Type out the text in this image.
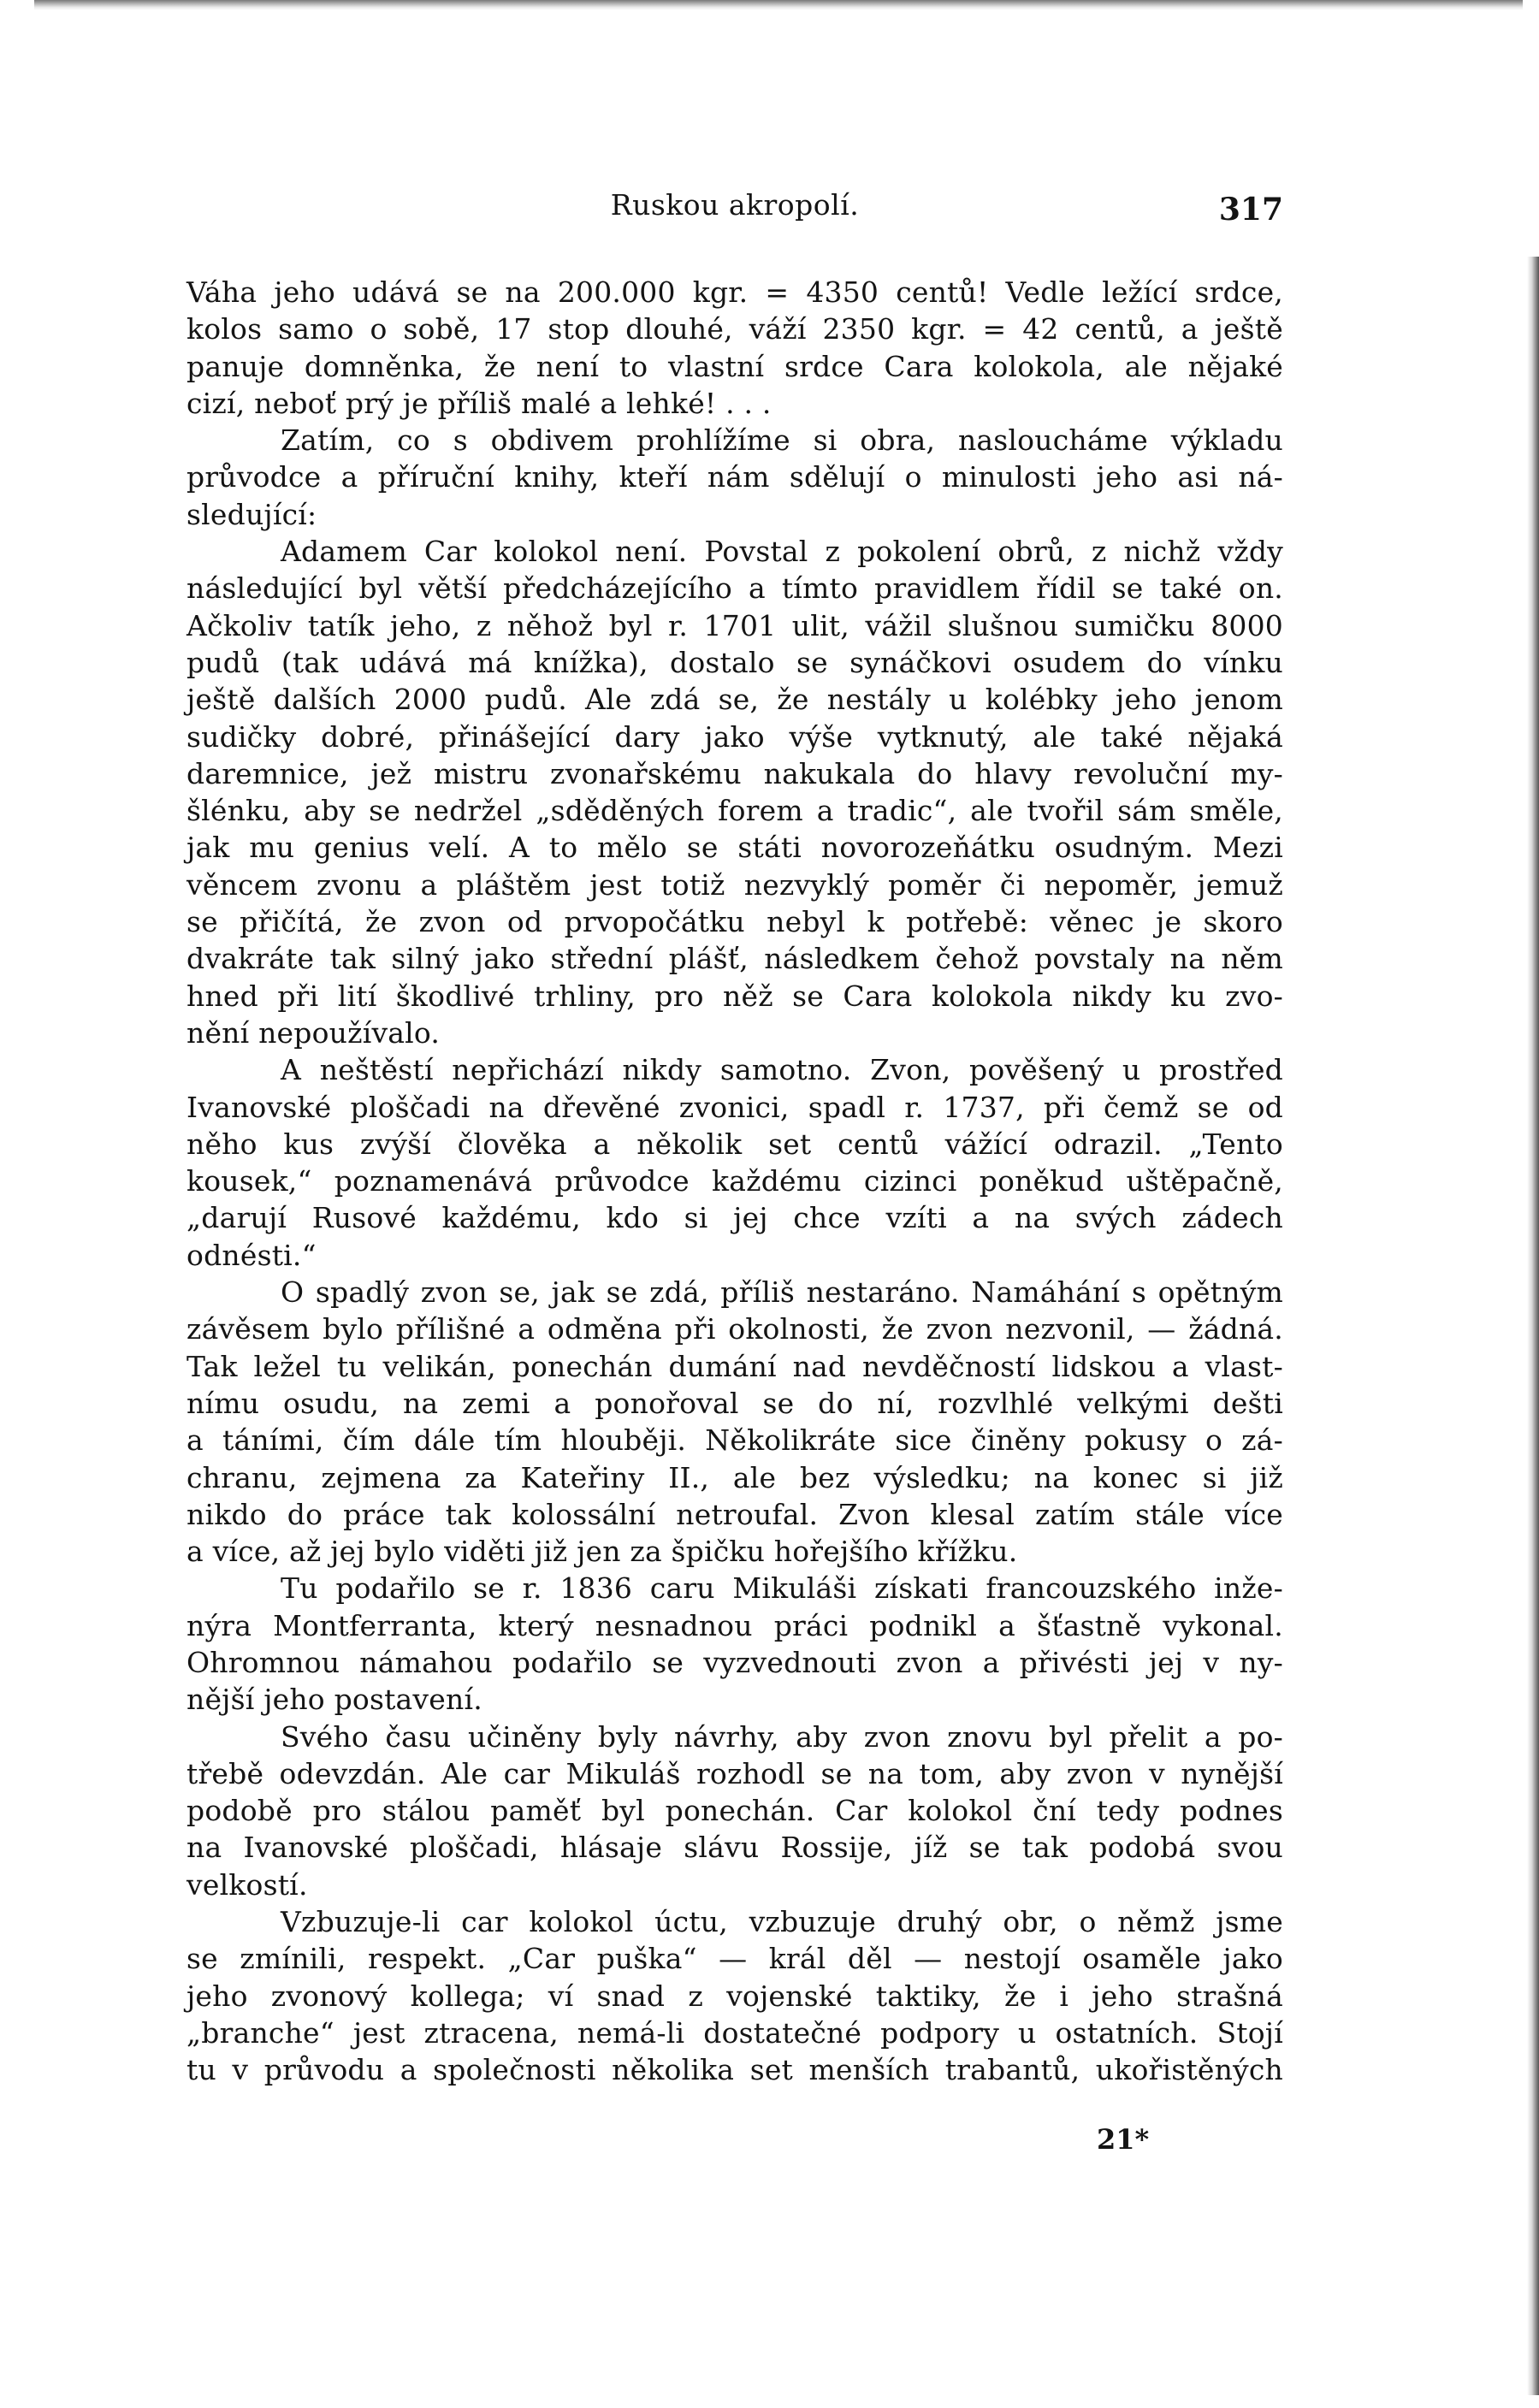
Ruskou akropolí.	317
Váha jeho udává se na 200.000 kgr. = 4350 centů! Vedle ležící srdce,
kolos samo o sobě, 17 stop dlouhé, váží 2350 kgr. = 42 centů, a ještě
panuje domněnka, že není to vlastní srdce Cara kolokola, ale nějaké
cizí, neboť prý je příliš malé a lehké! . . .
Zatím, co s obdivem prohlížíme si obra, nasloucháme výkladu
průvodce a příruční knihy, kteří nám sdělují o minulosti jeho asi ná-
sledující:
Adamem Car kolokol není. Povstal z pokolení obrů, z nichž vždy
následující byl větší předcházejícího a tímto pravidlem řídil se také on.
Ačkoliv tatík jeho, z něhož byl r. 1701 ulit, vážil slušnou sumičku 8000
pudů (tak udává má knížka), dostalo se synáčkovi osudem do vínku
ještě dalších 2000 pudů. Ale zdá se, že nestály u kolébky jeho jenom
sudičky dobré, přinášející dary jako výše vytknutý, ale také nějaká
daremnice, jež mistru zvonařskému nakukala do hlavy revoluční my-
šlénku, aby se nedržel „sděděných forem a tradic“, ale tvořil sám směle,
jak mu genius velí. A to mělo se státi novorozeňátku osudným. Mezi
věncem zvonu a pláštěm jest totiž nezvyklý poměr či nepoměr, jemuž
se přičítá, že zvon od prvopočátku nebyl k potřebě: věnec je skoro
dvakráte tak silný jako střední plášť, následkem čehož povstaly na něm
hned při lití škodlivé trhliny, pro něž se Cara kolokola nikdy ku zvo-
nění nepoužívalo.
A neštěstí nepřichází nikdy samotno. Zvon, pověšený u prostřed
Ivanovské ploščadi na dřevěné zvonici, spadl r. 1737, při čemž se od
něho kus zvýší člověka a několik set centů vážící odrazil. „Tento
kousek,“ poznamenává průvodce každému cizinci poněkud uštěpačně,
„darují Rusové každému, kdo si jej chce vzíti a na svých zádech
odnésti.“
O spadlý zvon se, jak se zdá, příliš nestaráno. Namáhání s opětným
závěsem bylo přílišné a odměna při okolnosti, že zvon nezvonil, — žádná.
Tak ležel tu velikán, ponechán dumání nad nevděčností lidskou a vlast-
nímu osudu, na zemi a ponořoval se do ní, rozvlhlé velkými dešti
a táními, čím dále tím hlouběji. Několikráte sice činěny pokusy o zá-
chranu, zejmena za Kateřiny II., ale bez výsledku; na konec si již
nikdo do práce tak kolossální netroufal. Zvon klesal zatím stále více
a více, až jej bylo viděti již jen za špičku hořejšího křížku.
Tu podařilo se r. 1836 caru Mikuláši získati francouzského inže-
nýra Montferranta, který nesnadnou práci podnikl a šťastně vykonal.
Ohromnou námahou podařilo se vyzvednouti zvon a přivésti jej v ny-
nější jeho postavení.
Svého času učiněny byly návrhy, aby zvon znovu byl přelit a po-
třebě odevzdán. Ale car Mikuláš rozhodl se na tom, aby zvon v nynější
podobě pro stálou paměť byl ponechán. Car kolokol ční tedy podnes
na Ivanovské ploščadi, hlásaje slávu Rossije, jíž se tak podobá svou
velkostí.
Vzbuzuje-li car kolokol úctu, vzbuzuje druhý obr, o němž jsme
se zmínili, respekt. „Car puška“ — král děl — nestojí osaměle jako
jeho zvonový kollega; ví snad z vojenské taktiky, že i jeho strašná
„branche“ jest ztracena, nemá-li dostatečné podpory u ostatních. Stojí
tu v průvodu a společnosti několika set menších trabantů, ukořistěných
21*
